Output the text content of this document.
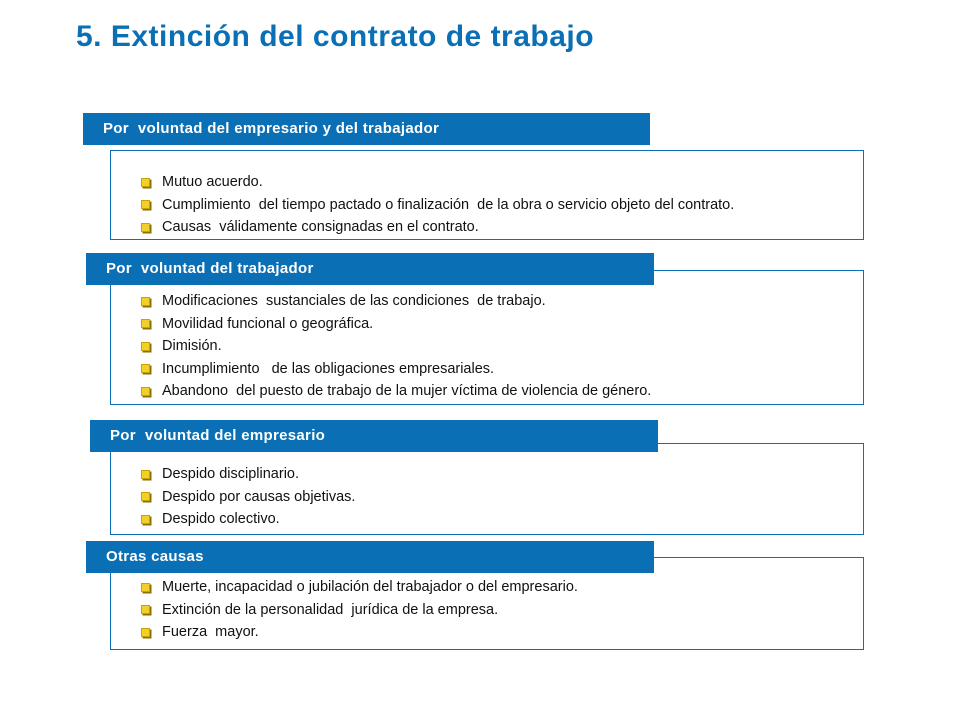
5. Extinción del contrato de trabajo
Mutuo acuerdo.
Cumplimiento  del tiempo pactado o finalización  de la obra o servicio objeto del contrato.
Causas  válidamente consignadas en el contrato.
Por  voluntad del empresario y del trabajador
Modificaciones  sustanciales de las condiciones  de trabajo.
Movilidad funcional o geográfica.
Dimisión.
Incumplimiento   de las obligaciones empresariales.
Abandono  del puesto de trabajo de la mujer víctima de violencia de género.
Por  voluntad del trabajador
Despido disciplinario.
Despido por causas objetivas.
Despido colectivo.
Por  voluntad del empresario
Muerte, incapacidad o jubilación del trabajador o del empresario.
Extinción de la personalidad  jurídica de la empresa.
Fuerza  mayor.
Otras causas
